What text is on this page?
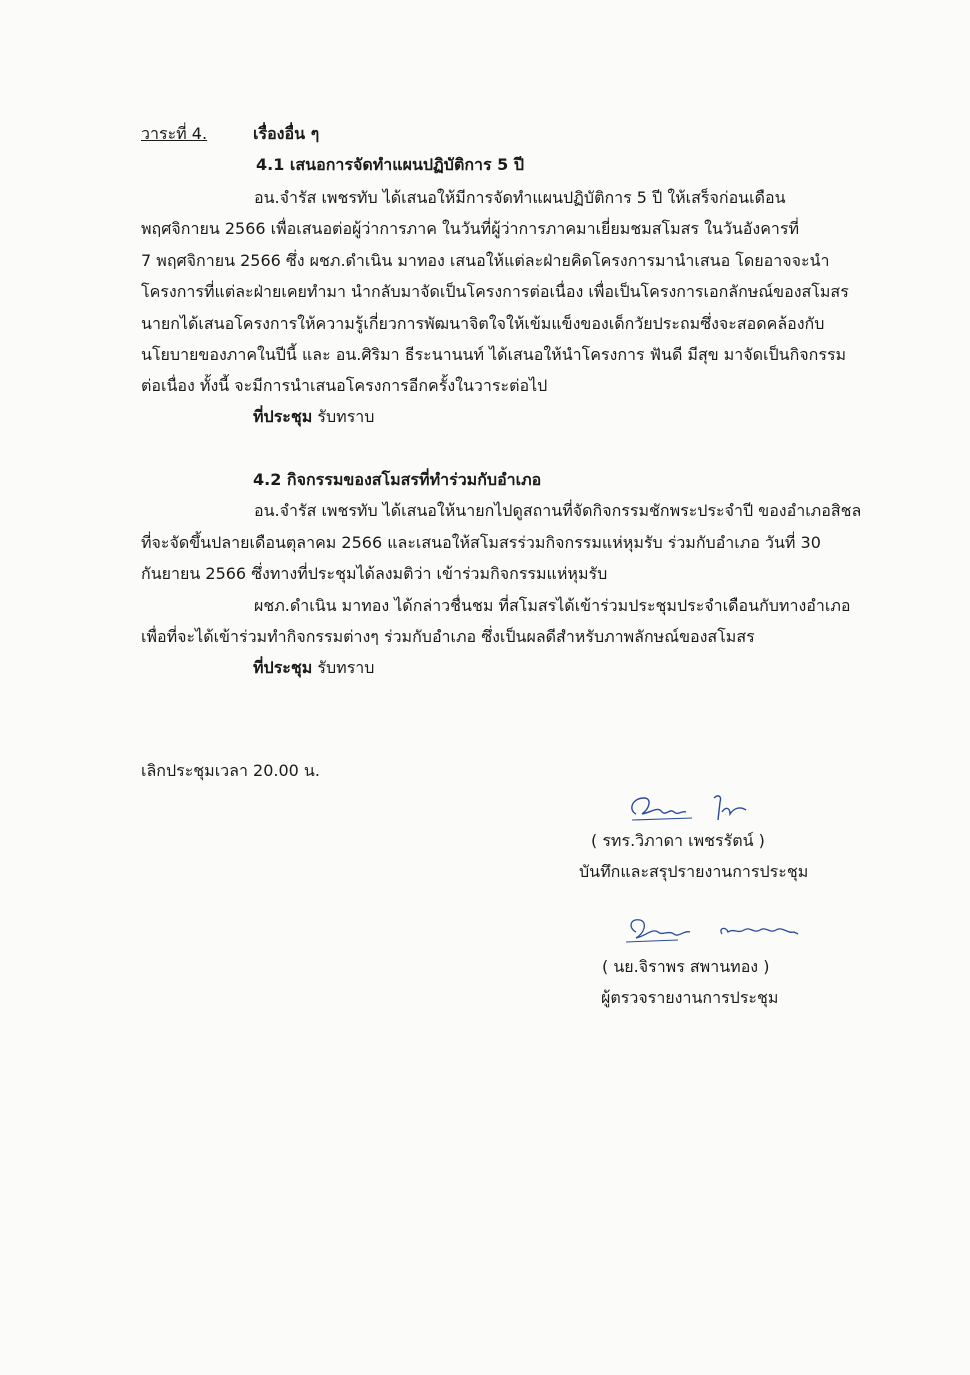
วาระที่ 4.	เรื่องอื่น ๆ
4.1 เสนอการจัดทำแผนปฏิบัติการ 5 ปี
อน.จำรัส เพชรทับ ได้เสนอให้มีการจัดทำแผนปฏิบัติการ 5 ปี ให้เสร็จก่อนเดือน
พฤศจิกายน 2566 เพื่อเสนอต่อผู้ว่าการภาค ในวันที่ผู้ว่าการภาคมาเยี่ยมชมสโมสร ในวันอังคารที่
7 พฤศจิกายน 2566 ซึ่ง ผชภ.ดำเนิน มาทอง เสนอให้แต่ละฝ่ายคิดโครงการมานำเสนอ โดยอาจจะนำ
โครงการที่แต่ละฝ่ายเคยทำมา นำกลับมาจัดเป็นโครงการต่อเนื่อง เพื่อเป็นโครงการเอกลักษณ์ของสโมสร
นายกได้เสนอโครงการให้ความรู้เกี่ยวการพัฒนาจิตใจให้เข้มแข็งของเด็กวัยประถมซึ่งจะสอดคล้องกับ
นโยบายของภาคในปีนี้ และ อน.ศิริมา ธีระนานนท์ ได้เสนอให้นำโครงการ ฟันดี มีสุข มาจัดเป็นกิจกรรม
ต่อเนื่อง ทั้งนี้ จะมีการนำเสนอโครงการอีกครั้งในวาระต่อไป
ที่ประชุม รับทราบ
4.2 กิจกรรมของสโมสรที่ทำร่วมกับอำเภอ
อน.จำรัส เพชรทับ ได้เสนอให้นายกไปดูสถานที่จัดกิจกรรมชักพระประจำปี ของอำเภอสิชล
ที่จะจัดขึ้นปลายเดือนตุลาคม 2566 และเสนอให้สโมสรร่วมกิจกรรมแห่หุมรับ ร่วมกับอำเภอ วันที่ 30
กันยายน 2566 ซึ่งทางที่ประชุมได้ลงมติว่า เข้าร่วมกิจกรรมแห่หุมรับ
ผชภ.ดำเนิน มาทอง ได้กล่าวชื่นชม ที่สโมสรได้เข้าร่วมประชุมประจำเดือนกับทางอำเภอ
เพื่อที่จะได้เข้าร่วมทำกิจกรรมต่างๆ ร่วมกับอำเภอ ซึ่งเป็นผลดีสำหรับภาพลักษณ์ของสโมสร
ที่ประชุม รับทราบ
เลิกประชุมเวลา 20.00 น.
( รทร.วิภาดา เพชรรัตน์ )
บันทึกและสรุปรายงานการประชุม
( นย.จิราพร สพานทอง )
ผู้ตรวจรายงานการประชุม
